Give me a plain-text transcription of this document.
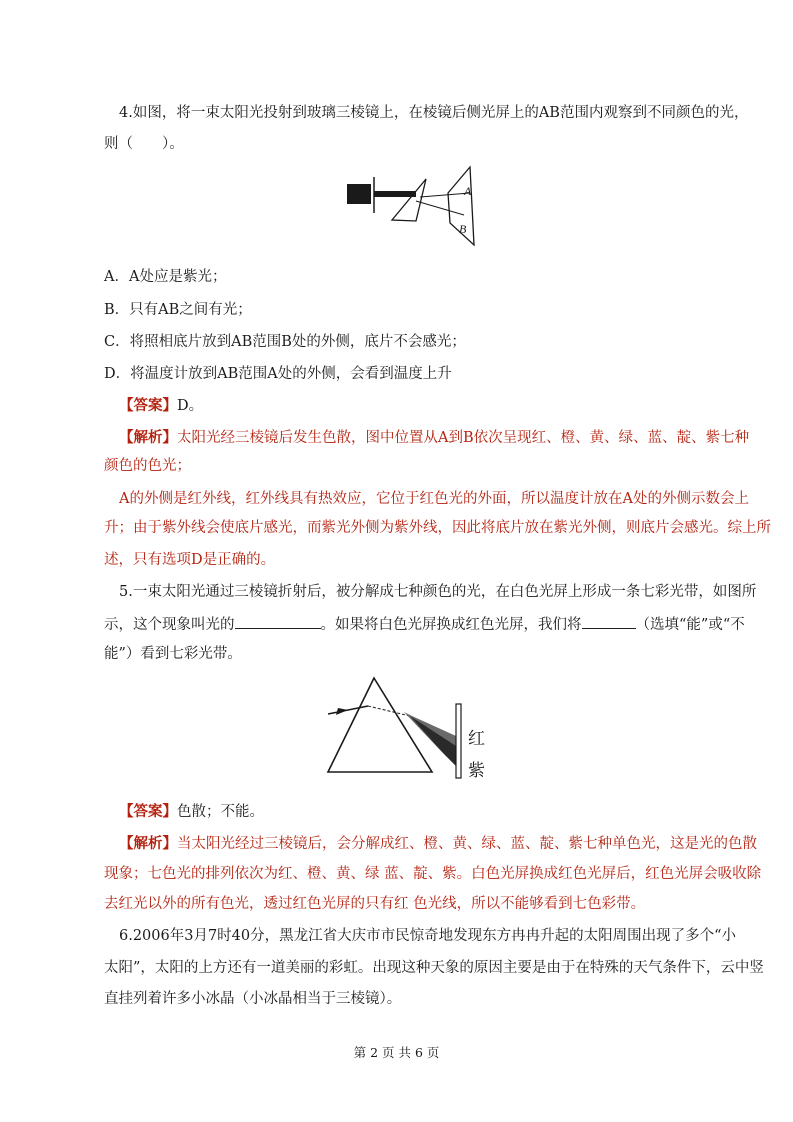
4.如图，将一束太阳光投射到玻璃三棱镜上，在棱镜后侧光屏上的AB范围内观察到不同颜色的光，
则（　　）。
A
B
A．A处应是紫光；
B．只有AB之间有光；
C．将照相底片放到AB范围B处的外侧，底片不会感光；
D．将温度计放到AB范围A处的外侧，会看到温度上升
【答案】D。
【解析】太阳光经三棱镜后发生色散，图中位置从A到B依次呈现红、橙、黄、绿、蓝、靛、紫七种
颜色的色光；
A的外侧是红外线，红外线具有热效应，它位于红色光的外面，所以温度计放在A处的外侧示数会上
升；由于紫外线会使底片感光，而紫光外侧为紫外线，因此将底片放在紫光外侧，则底片会感光。综上所
述，只有选项D是正确的。
5.一束太阳光通过三棱镜折射后，被分解成七种颜色的光，在白色光屏上形成一条七彩光带，如图所
示，这个现象叫光的	。如果将白色光屏换成红色光屏，我们将	（选填“能”或“不
能”）看到七彩光带。
红
紫
【答案】色散；不能。
【解析】当太阳光经过三棱镜后，会分解成红、橙、黄、绿、蓝、靛、紫七种单色光，这是光的色散
现象；七色光的排列依次为红、橙、黄、绿 蓝、靛、紫。白色光屏换成红色光屏后，红色光屏会吸收除
去红光以外的所有色光，透过红色光屏的只有红 色光线，所以不能够看到七色彩带。
6.2006年3月7时40分，黑龙江省大庆市市民惊奇地发现东方冉冉升起的太阳周围出现了多个“小
太阳”，太阳的上方还有一道美丽的彩虹。出现这种天象的原因主要是由于在特殊的天气条件下，云中竖
直挂列着许多小冰晶（小冰晶相当于三棱镜）。
第 2 页 共 6 页
